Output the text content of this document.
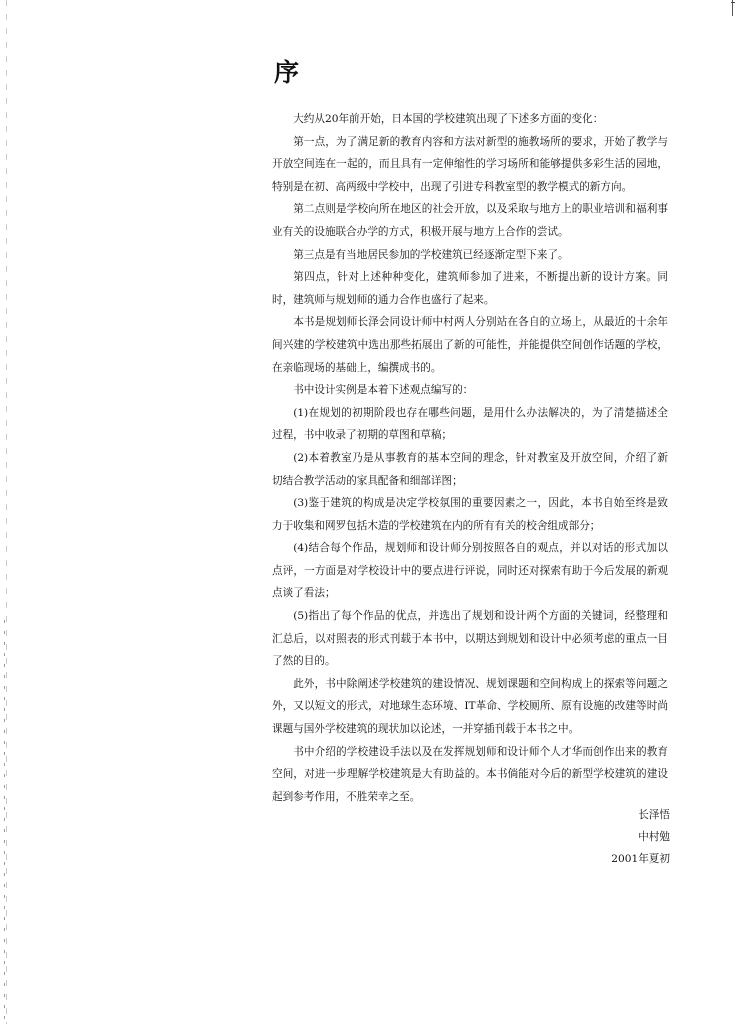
序

大约从20年前开始，日本国的学校建筑出现了下述多方面的变化：

第一点，为了满足新的教育内容和方法对新型的施教场所的要求，开始了教学与开放空间连在一起的，而且具有一定伸缩性的学习场所和能够提供多彩生活的园地，特别是在初、高两级中学校中，出现了引进专科教室型的教学模式的新方向。

第二点则是学校向所在地区的社会开放，以及采取与地方上的职业培训和福利事业有关的设施联合办学的方式，积极开展与地方上合作的尝试。

第三点是有当地居民参加的学校建筑已经逐渐定型下来了。

第四点，针对上述种种变化，建筑师参加了进来，不断提出新的设计方案。同时，建筑师与规划师的通力合作也盛行了起来。

本书是规划师长泽会同设计师中村两人分别站在各自的立场上，从最近的十余年间兴建的学校建筑中选出那些拓展出了新的可能性，并能提供空间创作话题的学校，在亲临现场的基础上，编撰成书的。

书中设计实例是本着下述观点编写的：

(1)在规划的初期阶段也存在哪些问题，是用什么办法解决的，为了清楚描述全过程，书中收录了初期的草图和草稿；

(2)本着教室乃是从事教育的基本空间的理念，针对教室及开放空间，介绍了新切结合教学活动的家具配备和细部详图；

(3)鉴于建筑的构成是决定学校氛围的重要因素之一，因此，本书自始至终是致力于收集和网罗包括木造的学校建筑在内的所有有关的校舍组成部分；

(4)结合每个作品，规划师和设计师分别按照各自的观点，并以对话的形式加以点评，一方面是对学校设计中的要点进行评说，同时还对探索有助于今后发展的新观点谈了看法；

(5)指出了每个作品的优点，并选出了规划和设计两个方面的关键词，经整理和汇总后，以对照表的形式刊载于本书中，以期达到规划和设计中必须考虑的重点一目了然的目的。

此外，书中除阐述学校建筑的建设情况、规划课题和空间构成上的探索等问题之外，又以短文的形式，对地球生态环境、IT革命、学校厕所、原有设施的改建等时尚课题与国外学校建筑的现状加以论述，一并穿插刊载于本书之中。

书中介绍的学校建设手法以及在发挥规划师和设计师个人才华而创作出来的教育空间，对进一步理解学校建筑是大有助益的。本书倘能对今后的新型学校建筑的建设起到参考作用，不胜荣幸之至。

长泽悟
中村勉
2001年夏初
